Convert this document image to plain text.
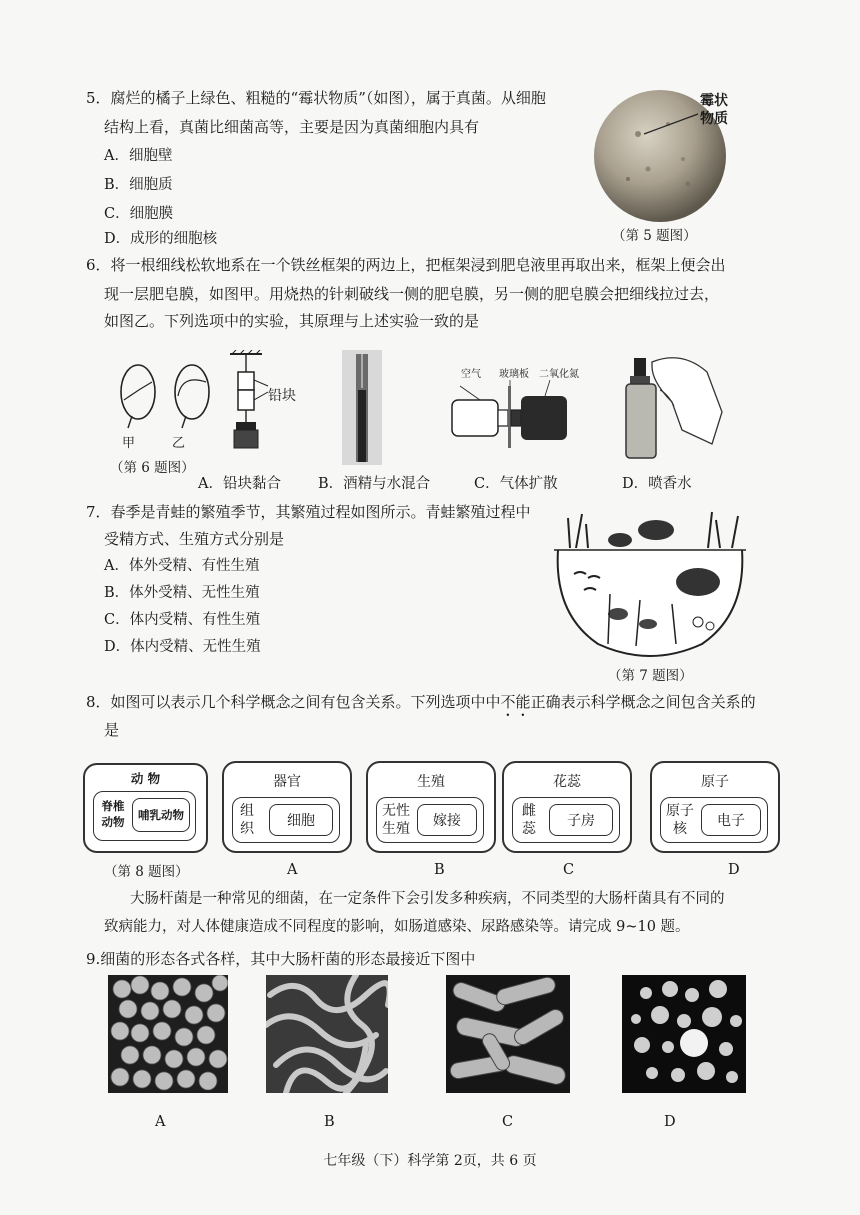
5．腐烂的橘子上绿色、粗糙的“霉状物质”（如图），属于真菌。从细胞
结构上看，真菌比细菌高等，主要是因为真菌细胞内具有
A．细胞壁
B．细胞质
C．细胞膜
D．成形的细胞核
霉状
物质
（第 5 题图）
6．将一根细线松软地系在一个铁丝框架的两边上，把框架浸到肥皂液里再取出来，框架上便会出
现一层肥皂膜，如图甲。用烧热的针刺破线一侧的肥皂膜，另一侧的肥皂膜会把细线拉过去，
如图乙。下列选项中的实验，其原理与上述实验一致的是
甲	乙
铅块
空气 玻璃板 二氧化氮
（第 6 题图）
A．铅块黏合	B．酒精与水混合	C．气体扩散	D．喷香水
7．春季是青蛙的繁殖季节，其繁殖过程如图所示。青蛙繁殖过程中
受精方式、生殖方式分别是
A．体外受精、有性生殖
B．体外受精、无性生殖
C．体内受精、有性生殖
D．体内受精、无性生殖
（第 7 题图）
8．如图可以表示几个科学概念之间有包含关系。下列选项中中不能正确表示科学概念之间包含关系的
是
动 物
脊椎
动物	哺乳动物
器官
组
织	细胞
生殖
无性
生殖	嫁接
花蕊
雌
蕊	子房
原子
原子
核	电子
（第 8 题图）	A	B	C	D
大肠杆菌是一种常见的细菌，在一定条件下会引发多种疾病，不同类型的大肠杆菌具有不同的
致病能力，对人体健康造成不同程度的影响，如肠道感染、尿路感染等。请完成 9~10 题。
9.细菌的形态各式各样，其中大肠杆菌的形态最接近下图中
A	B	C	D
七年级（下）科学第 2页，共 6 页
